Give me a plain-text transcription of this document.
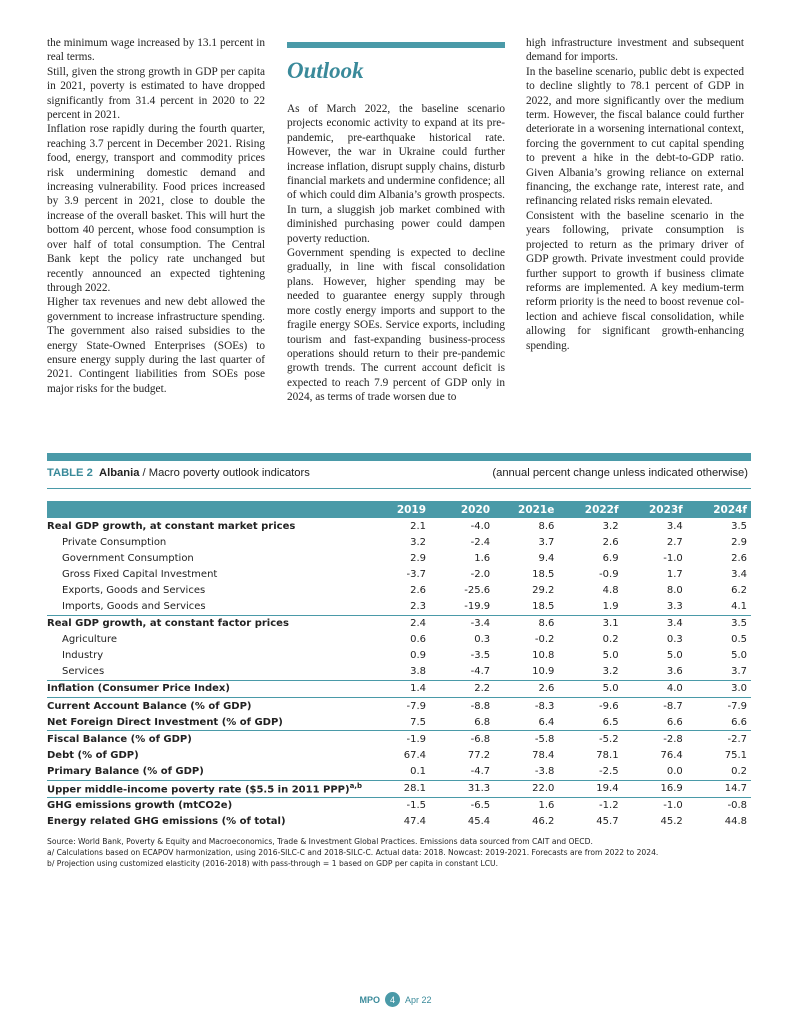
the minimum wage increased by 13.1 percent in real terms.

Still, given the strong growth in GDP per capita in 2021, poverty is estimated to have dropped significantly from 31.4 percent in 2020 to 22 percent in 2021.

Inflation rose rapidly during the fourth quarter, reaching 3.7 percent in December 2021. Rising food, energy, transport and commodity prices risk undermining domestic demand and increasing vulnerability. Food prices increased by 3.9 percent in 2021, close to double the increase of the overall basket. This will hurt the bottom 40 percent, whose food consumption is over half of total consumption. The Central Bank kept the policy rate unchanged but recently announced an expected tightening through 2022.

Higher tax revenues and new debt allowed the government to increase infrastructure spending. The government also raised subsidies to the energy State-Owned Enterprises (SOEs) to ensure energy supply during the last quarter of 2021. Contingent liabilities from SOEs pose major risks for the budget.

Outlook

As of March 2022, the baseline scenario projects economic activity to expand at its pre-pandemic, pre-earthquake historical rate. However, the war in Ukraine could further increase inflation, disrupt supply chains, disturb financial markets and undermine confidence; all of which could dim Albania’s growth prospects. In turn, a sluggish job market combined with diminished purchasing power could dampen poverty reduction.

Government spending is expected to decline gradually, in line with fiscal consolidation plans. However, higher spending may be needed to guarantee energy supply through more costly energy imports and support to the fragile energy SOEs. Service exports, including tourism and fast-expanding business-process operations should return to their pre-pandemic growth trends. The current account deficit is expected to reach 7.9 percent of GDP only in 2024, as terms of trade worsen due to

high infrastructure investment and subsequent demand for imports.

In the baseline scenario, public debt is expected to decline slightly to 78.1 percent of GDP in 2022, and more significantly over the medium term. However, the fiscal balance could further deteriorate in a worsening international context, forcing the government to cut capital spending to prevent a hike in the debt-to-GDP ratio. Given Albania’s growing reliance on external financing, the exchange rate, interest rate, and refinancing related risks remain elevated.

Consistent with the baseline scenario in the years following, private consumption is projected to return as the primary driver of GDP growth. Private investment could provide further support to growth if business climate reforms are implemented. A key medium-term reform priority is the need to boost revenue collection and achieve fiscal consolidation, while allowing for significant growth-enhancing spending.

TABLE 2 Albania / Macro poverty outlook indicators	(annual percent change unless indicated otherwise)
	2019	2020	2021e	2022f	2023f	2024f
Real GDP growth, at constant market prices	2.1	-4.0	8.6	3.2	3.4	3.5
Private Consumption	3.2	-2.4	3.7	2.6	2.7	2.9
Government Consumption	2.9	1.6	9.4	6.9	-1.0	2.6
Gross Fixed Capital Investment	-3.7	-2.0	18.5	-0.9	1.7	3.4
Exports, Goods and Services	2.6	-25.6	29.2	4.8	8.0	6.2
Imports, Goods and Services	2.3	-19.9	18.5	1.9	3.3	4.1
Real GDP growth, at constant factor prices	2.4	-3.4	8.6	3.1	3.4	3.5
Agriculture	0.6	0.3	-0.2	0.2	0.3	0.5
Industry	0.9	-3.5	10.8	5.0	5.0	5.0
Services	3.8	-4.7	10.9	3.2	3.6	3.7
Inflation (Consumer Price Index)	1.4	2.2	2.6	5.0	4.0	3.0
Current Account Balance (% of GDP)	-7.9	-8.8	-8.3	-9.6	-8.7	-7.9
Net Foreign Direct Investment (% of GDP)	7.5	6.8	6.4	6.5	6.6	6.6
Fiscal Balance (% of GDP)	-1.9	-6.8	-5.8	-5.2	-2.8	-2.7
Debt (% of GDP)	67.4	77.2	78.4	78.1	76.4	75.1
Primary Balance (% of GDP)	0.1	-4.7	-3.8	-2.5	0.0	0.2
Upper middle-income poverty rate ($5.5 in 2011 PPP)$^{a,b}$	28.1	31.3	22.0	19.4	16.9	14.7
GHG emissions growth (mtCO2e)	-1.5	-6.5	1.6	-1.2	-1.0	-0.8
Energy related GHG emissions (% of total)	47.4	45.4	46.2	45.7	45.2	44.8

Source: World Bank, Poverty & Equity and Macroeconomics, Trade & Investment Global Practices. Emissions data sourced from CAIT and OECD.

a/ Calculations based on ECAPOV harmonization, using 2016-SILC-C and 2018-SILC-C. Actual data: 2018. Nowcast: 2019-2021. Forecasts are from 2022 to 2024.

b/ Projection using customized elasticity (2016-2018) with pass-through = 1 based on GDP per capita in constant LCU.

MPO	4	Apr 22
